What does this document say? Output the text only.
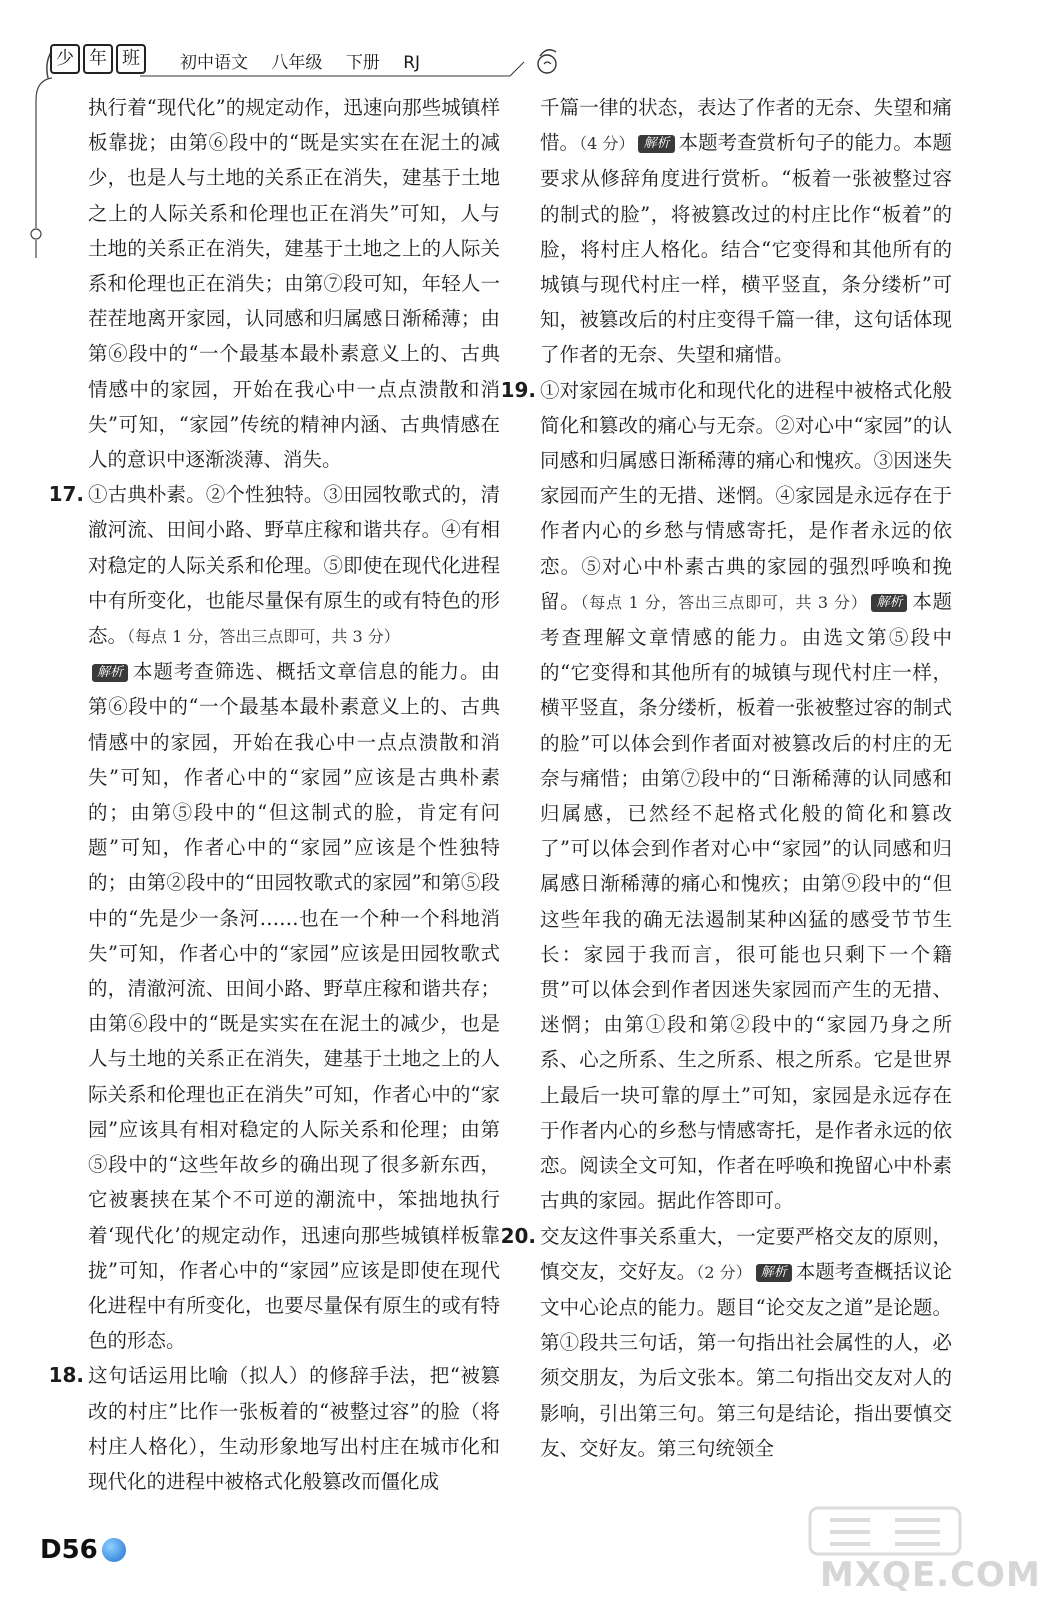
少 年 班	初中语文 八年级 下册 RJ

执行着“现代化”的规定动作，迅速向那些城镇样板靠拢；由第⑥段中的“既是实实在在泥土的减少，也是人与土地的关系正在消失，建基于土地之上的人际关系和伦理也正在消失”可知，人与土地的关系正在消失，建基于土地之上的人际关系和伦理也正在消失；由第⑦段可知，年轻人一茬茬地离开家园，认同感和归属感日渐稀薄；由第⑥段中的“一个最基本最朴素意义上的、古典情感中的家园，开始在我心中一点点溃散和消失”可知，“家园”传统的精神内涵、古典情感在人的意识中逐渐淡薄、消失。

17. ①古典朴素。②个性独特。③田园牧歌式的，清澈河流、田间小路、野草庄稼和谐共存。④有相对稳定的人际关系和伦理。⑤即使在现代化进程中有所变化，也能尽量保有原生的或有特色的形态。（每点 1 分，答出三点即可，共 3 分）

解析 本题考查筛选、概括文章信息的能力。由第⑥段中的“一个最基本最朴素意义上的、古典情感中的家园，开始在我心中一点点溃散和消失”可知，作者心中的“家园”应该是古典朴素的；由第⑤段中的“但这制式的脸，肯定有问题”可知，作者心中的“家园”应该是个性独特的；由第②段中的“田园牧歌式的家园”和第⑤段中的“先是少一条河……也在一个种一个科地消失”可知，作者心中的“家园”应该是田园牧歌式的，清澈河流、田间小路、野草庄稼和谐共存；由第⑥段中的“既是实实在在泥土的减少，也是人与土地的关系正在消失，建基于土地之上的人际关系和伦理也正在消失”可知，作者心中的“家园”应该具有相对稳定的人际关系和伦理；由第⑤段中的“这些年故乡的确出现了很多新东西，它被裹挟在某个不可逆的潮流中，笨拙地执行着‘现代化’的规定动作，迅速向那些城镇样板靠拢”可知，作者心中的“家园”应该是即使在现代化进程中有所变化，也要尽量保有原生的或有特色的形态。

18. 这句话运用比喻（拟人）的修辞手法，把“被篡改的村庄”比作一张板着的“被整过容”的脸（将村庄人格化），生动形象地写出村庄在城市化和现代化的进程中被格式化般篡改而僵化成

千篇一律的状态，表达了作者的无奈、失望和痛惜。（4 分） 解析 本题考查赏析句子的能力。本题要求从修辞角度进行赏析。“板着一张被整过容的制式的脸”，将被篡改过的村庄比作“板着”的脸，将村庄人格化。结合“它变得和其他所有的城镇与现代村庄一样，横平竖直，条分缕析”可知，被篡改后的村庄变得千篇一律，这句话体现了作者的无奈、失望和痛惜。

19. ①对家园在城市化和现代化的进程中被格式化般简化和篡改的痛心与无奈。②对心中“家园”的认同感和归属感日渐稀薄的痛心和愧疚。③因迷失家园而产生的无措、迷惘。④家园是永远存在于作者内心的乡愁与情感寄托，是作者永远的依恋。⑤对心中朴素古典的家园的强烈呼唤和挽留。（每点 1 分，答出三点即可，共 3 分） 解析 本题考查理解文章情感的能力。由选文第⑤段中的“它变得和其他所有的城镇与现代村庄一样，横平竖直，条分缕析，板着一张被整过容的制式的脸”可以体会到作者面对被篡改后的村庄的无奈与痛惜；由第⑦段中的“日渐稀薄的认同感和归属感，已然经不起格式化般的简化和篡改了”可以体会到作者对心中“家园”的认同感和归属感日渐稀薄的痛心和愧疚；由第⑨段中的“但这些年我的确无法遏制某种凶猛的感受节节生长：家园于我而言，很可能也只剩下一个籍贯”可以体会到作者因迷失家园而产生的无措、迷惘；由第①段和第②段中的“家园乃身之所系、心之所系、生之所系、根之所系。它是世界上最后一块可靠的厚土”可知，家园是永远存在于作者内心的乡愁与情感寄托，是作者永远的依恋。阅读全文可知，作者在呼唤和挽留心中朴素古典的家园。据此作答即可。

20. 交友这件事关系重大，一定要严格交友的原则，慎交友，交好友。（2 分） 解析 本题考查概括议论文中心论点的能力。题目“论交友之道”是论题。第①段共三句话，第一句指出社会属性的人，必须交朋友，为后文张本。第二句指出交友对人的影响，引出第三句。第三句是结论，指出要慎交友、交好友。第三句统领全

D56
MXQE.COM
